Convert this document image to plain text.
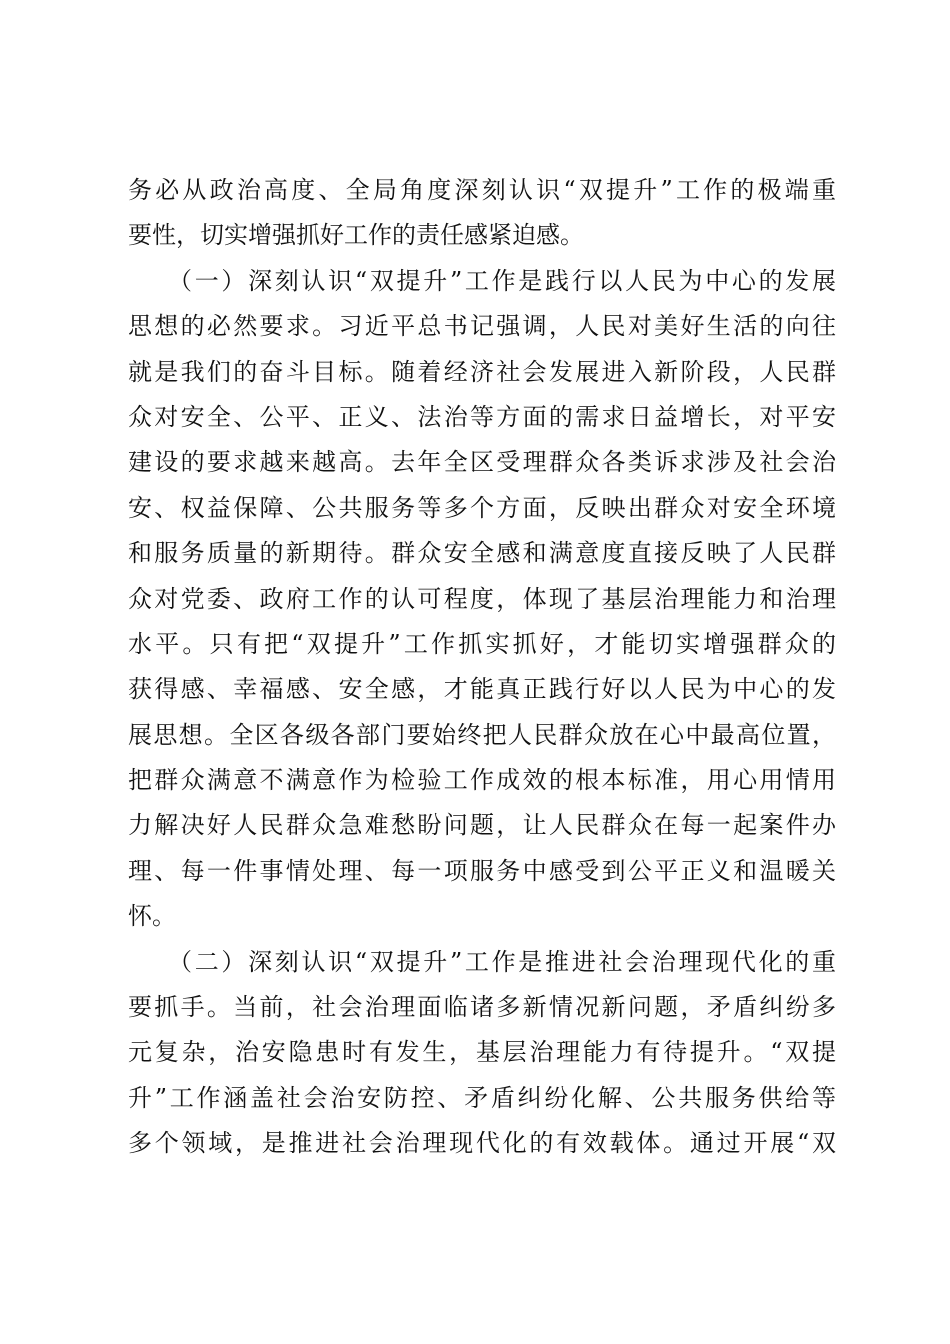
务必从政治高度、全局角度深刻认识“双提升”工作的极端重
要性，切实增强抓好工作的责任感紧迫感。
（一）深刻认识“双提升”工作是践行以人民为中心的发展
思想的必然要求。习近平总书记强调，人民对美好生活的向往
就是我们的奋斗目标。随着经济社会发展进入新阶段，人民群
众对安全、公平、正义、法治等方面的需求日益增长，对平安
建设的要求越来越高。去年全区受理群众各类诉求涉及社会治
安、权益保障、公共服务等多个方面，反映出群众对安全环境
和服务质量的新期待。群众安全感和满意度直接反映了人民群
众对党委、政府工作的认可程度，体现了基层治理能力和治理
水平。只有把“双提升”工作抓实抓好，才能切实增强群众的
获得感、幸福感、安全感，才能真正践行好以人民为中心的发
展思想。全区各级各部门要始终把人民群众放在心中最高位置，
把群众满意不满意作为检验工作成效的根本标准，用心用情用
力解决好人民群众急难愁盼问题，让人民群众在每一起案件办
理、每一件事情处理、每一项服务中感受到公平正义和温暖关
怀。
（二）深刻认识“双提升”工作是推进社会治理现代化的重
要抓手。当前，社会治理面临诸多新情况新问题，矛盾纠纷多
元复杂，治安隐患时有发生，基层治理能力有待提升。“双提
升”工作涵盖社会治安防控、矛盾纠纷化解、公共服务供给等
多个领域，是推进社会治理现代化的有效载体。通过开展“双
